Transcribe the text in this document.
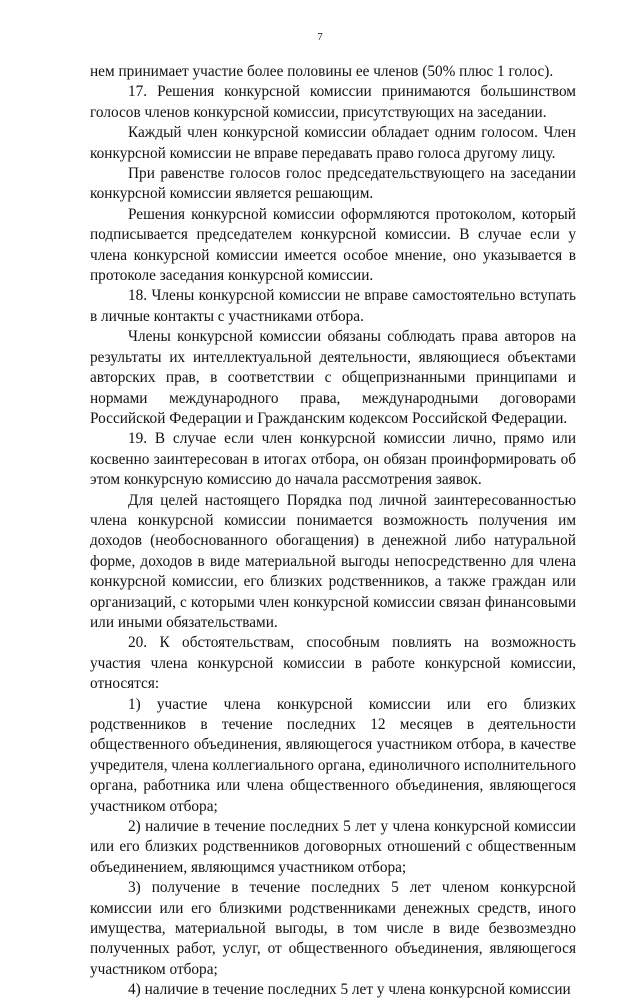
7

нем принимает участие более половины ее членов (50% плюс 1 голос).

17. Решения конкурсной комиссии принимаются большинством голосов членов конкурсной комиссии, присутствующих на заседании.

Каждый член конкурсной комиссии обладает одним голосом. Член конкурсной комиссии не вправе передавать право голоса другому лицу.

При равенстве голосов голос председательствующего на заседании конкурсной комиссии является решающим.

Решения конкурсной комиссии оформляются протоколом, который подписывается председателем конкурсной комиссии. В случае если у члена конкурсной комиссии имеется особое мнение, оно указывается в протоколе заседания конкурсной комиссии.

18. Члены конкурсной комиссии не вправе самостоятельно вступать в личные контакты с участниками отбора.

Члены конкурсной комиссии обязаны соблюдать права авторов на результаты их интеллектуальной деятельности, являющиеся объектами авторских прав, в соответствии с общепризнанными принципами и нормами международного права, международными договорами Российской Федерации и Гражданским кодексом Российской Федерации.

19. В случае если член конкурсной комиссии лично, прямо или косвенно заинтересован в итогах отбора, он обязан проинформировать об этом конкурсную комиссию до начала рассмотрения заявок.

Для целей настоящего Порядка под личной заинтересованностью члена конкурсной комиссии понимается возможность получения им доходов (необоснованного обогащения) в денежной либо натуральной форме, доходов в виде материальной выгоды непосредственно для члена конкурсной комиссии, его близких родственников, а также граждан или организаций, с которыми член конкурсной комиссии связан финансовыми или иными обязательствами.

20. К обстоятельствам, способным повлиять на возможность участия члена конкурсной комиссии в работе конкурсной комиссии, относятся:

1) участие члена конкурсной комиссии или его близких родственников в течение последних 12 месяцев в деятельности общественного объединения, являющегося участником отбора, в качестве учредителя, члена коллегиального органа, единоличного исполнительного органа, работника или члена общественного объединения, являющегося участником отбора;

2) наличие в течение последних 5 лет у члена конкурсной комиссии или его близких родственников договорных отношений с общественным объединением, являющимся участником отбора;

3) получение в течение последних 5 лет членом конкурсной комиссии или его близкими родственниками денежных средств, иного имущества, материальной выгоды, в том числе в виде безвозмездно полученных работ, услуг, от общественного объединения, являющегося участником отбора;

4) наличие в течение последних 5 лет у члена конкурсной комиссии
